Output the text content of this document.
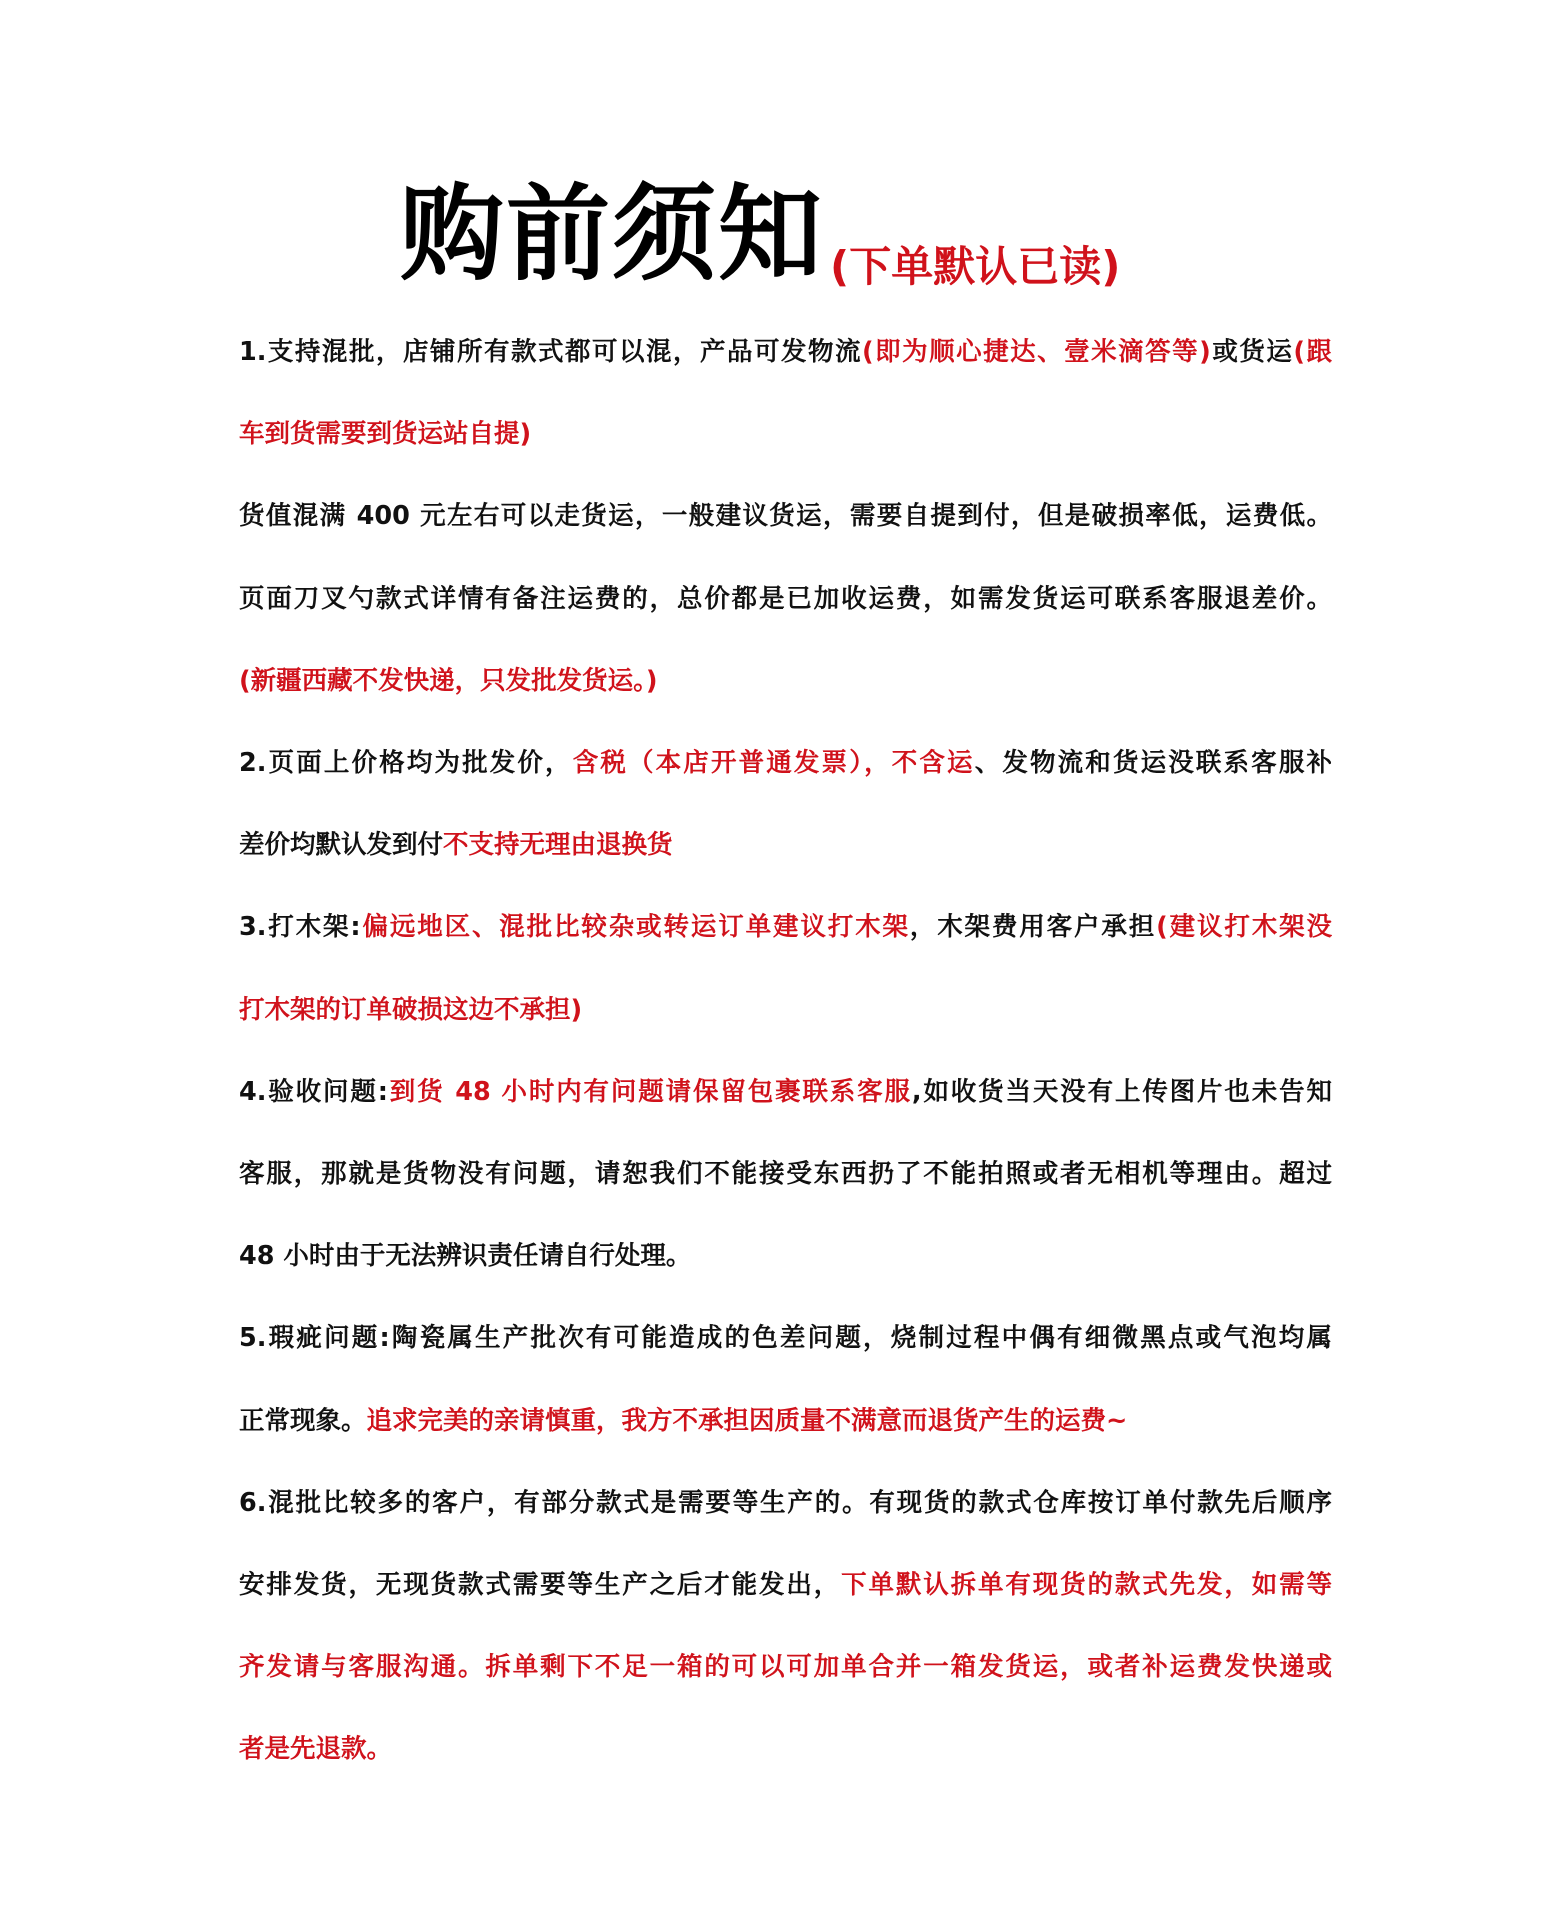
购前须知 (下单默认已读)
1.支持混批，店铺所有款式都可以混，产品可发物流(即为顺心捷达、壹米滴答等)或货运(跟
车到货需要到货运站自提)
货值混满 400 元左右可以走货运，一般建议货运，需要自提到付，但是破损率低，运费低。
页面刀叉勺款式详情有备注运费的，总价都是已加收运费，如需发货运可联系客服退差价。
(新疆西藏不发快递，只发批发货运。)
2.页面上价格均为批发价，含税（本店开普通发票），不含运、发物流和货运没联系客服补
差价均默认发到付不支持无理由退换货
3.打木架:偏远地区、混批比较杂或转运订单建议打木架，木架费用客户承担(建议打木架没
打木架的订单破损这边不承担)
4.验收问题:到货 48 小时内有问题请保留包裹联系客服,如收货当天没有上传图片也未告知
客服，那就是货物没有问题，请恕我们不能接受东西扔了不能拍照或者无相机等理由。超过
48 小时由于无法辨识责任请自行处理。
5.瑕疵问题:陶瓷属生产批次有可能造成的色差问题，烧制过程中偶有细微黑点或气泡均属
正常现象。追求完美的亲请慎重，我方不承担因质量不满意而退货产生的运费~
6.混批比较多的客户，有部分款式是需要等生产的。有现货的款式仓库按订单付款先后顺序
安排发货，无现货款式需要等生产之后才能发出，下单默认拆单有现货的款式先发，如需等
齐发请与客服沟通。拆单剩下不足一箱的可以可加单合并一箱发货运，或者补运费发快递或
者是先退款。
